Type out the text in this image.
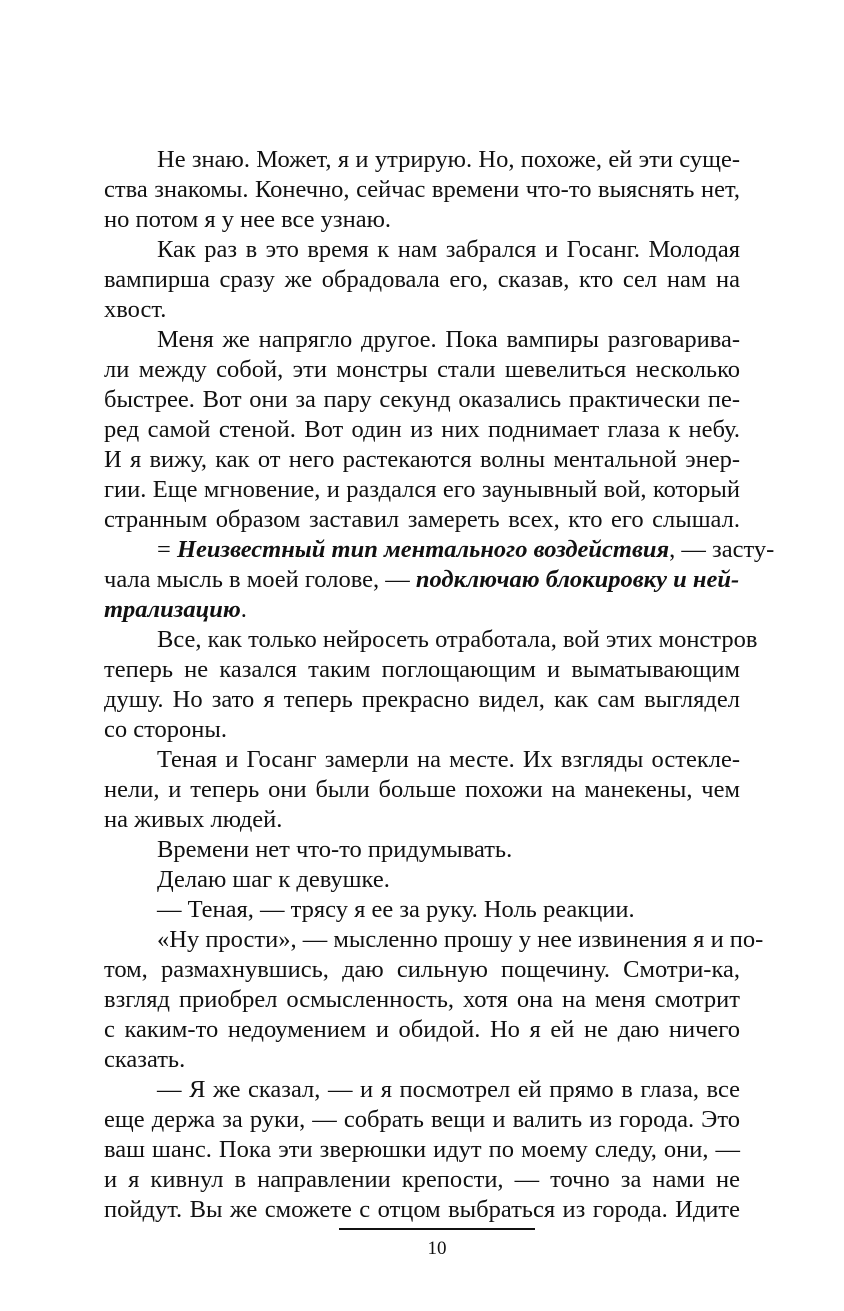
Не знаю. Может, я и утрирую. Но, похоже, ей эти суще-
ства знакомы. Конечно, сейчас времени что-то выяснять нет,
но потом я у нее все узнаю.
Как раз в это время к нам забрался и Госанг. Молодая
вампирша сразу же обрадовала его, сказав, кто сел нам на
хвост.
Меня же напрягло другое. Пока вампиры разговарива-
ли между собой, эти монстры стали шевелиться несколько
быстрее. Вот они за пару секунд оказались практически пе-
ред самой стеной. Вот один из них поднимает глаза к небу.
И я вижу, как от него растекаются волны ментальной энер-
гии. Еще мгновение, и раздался его заунывный вой, который
странным образом заставил замереть всех, кто его слышал.
= Неизвестный тип ментального воздействия, — засту-
чала мысль в моей голове, — подключаю блокировку и ней-
трализацию.
Все, как только нейросеть отработала, вой этих монстров
теперь не казался таким поглощающим и выматывающим
душу. Но зато я теперь прекрасно видел, как сам выглядел
со стороны.
Теная и Госанг замерли на месте. Их взгляды остекле-
нели, и теперь они были больше похожи на манекены, чем
на живых людей.
Времени нет что-то придумывать.
Делаю шаг к девушке.
— Теная, — трясу я ее за руку. Ноль реакции.
«Ну прости», — мысленно прошу у нее извинения я и по-
том, размахнувшись, даю сильную пощечину. Смотри-ка,
взгляд приобрел осмысленность, хотя она на меня смотрит
с каким-то недоумением и обидой. Но я ей не даю ничего
сказать.
— Я же сказал, — и я посмотрел ей прямо в глаза, все
еще держа за руки, — собрать вещи и валить из города. Это
ваш шанс. Пока эти зверюшки идут по моему следу, они, —
и я кивнул в направлении крепости, — точно за нами не
пойдут. Вы же сможете с отцом выбраться из города. Идите
10
